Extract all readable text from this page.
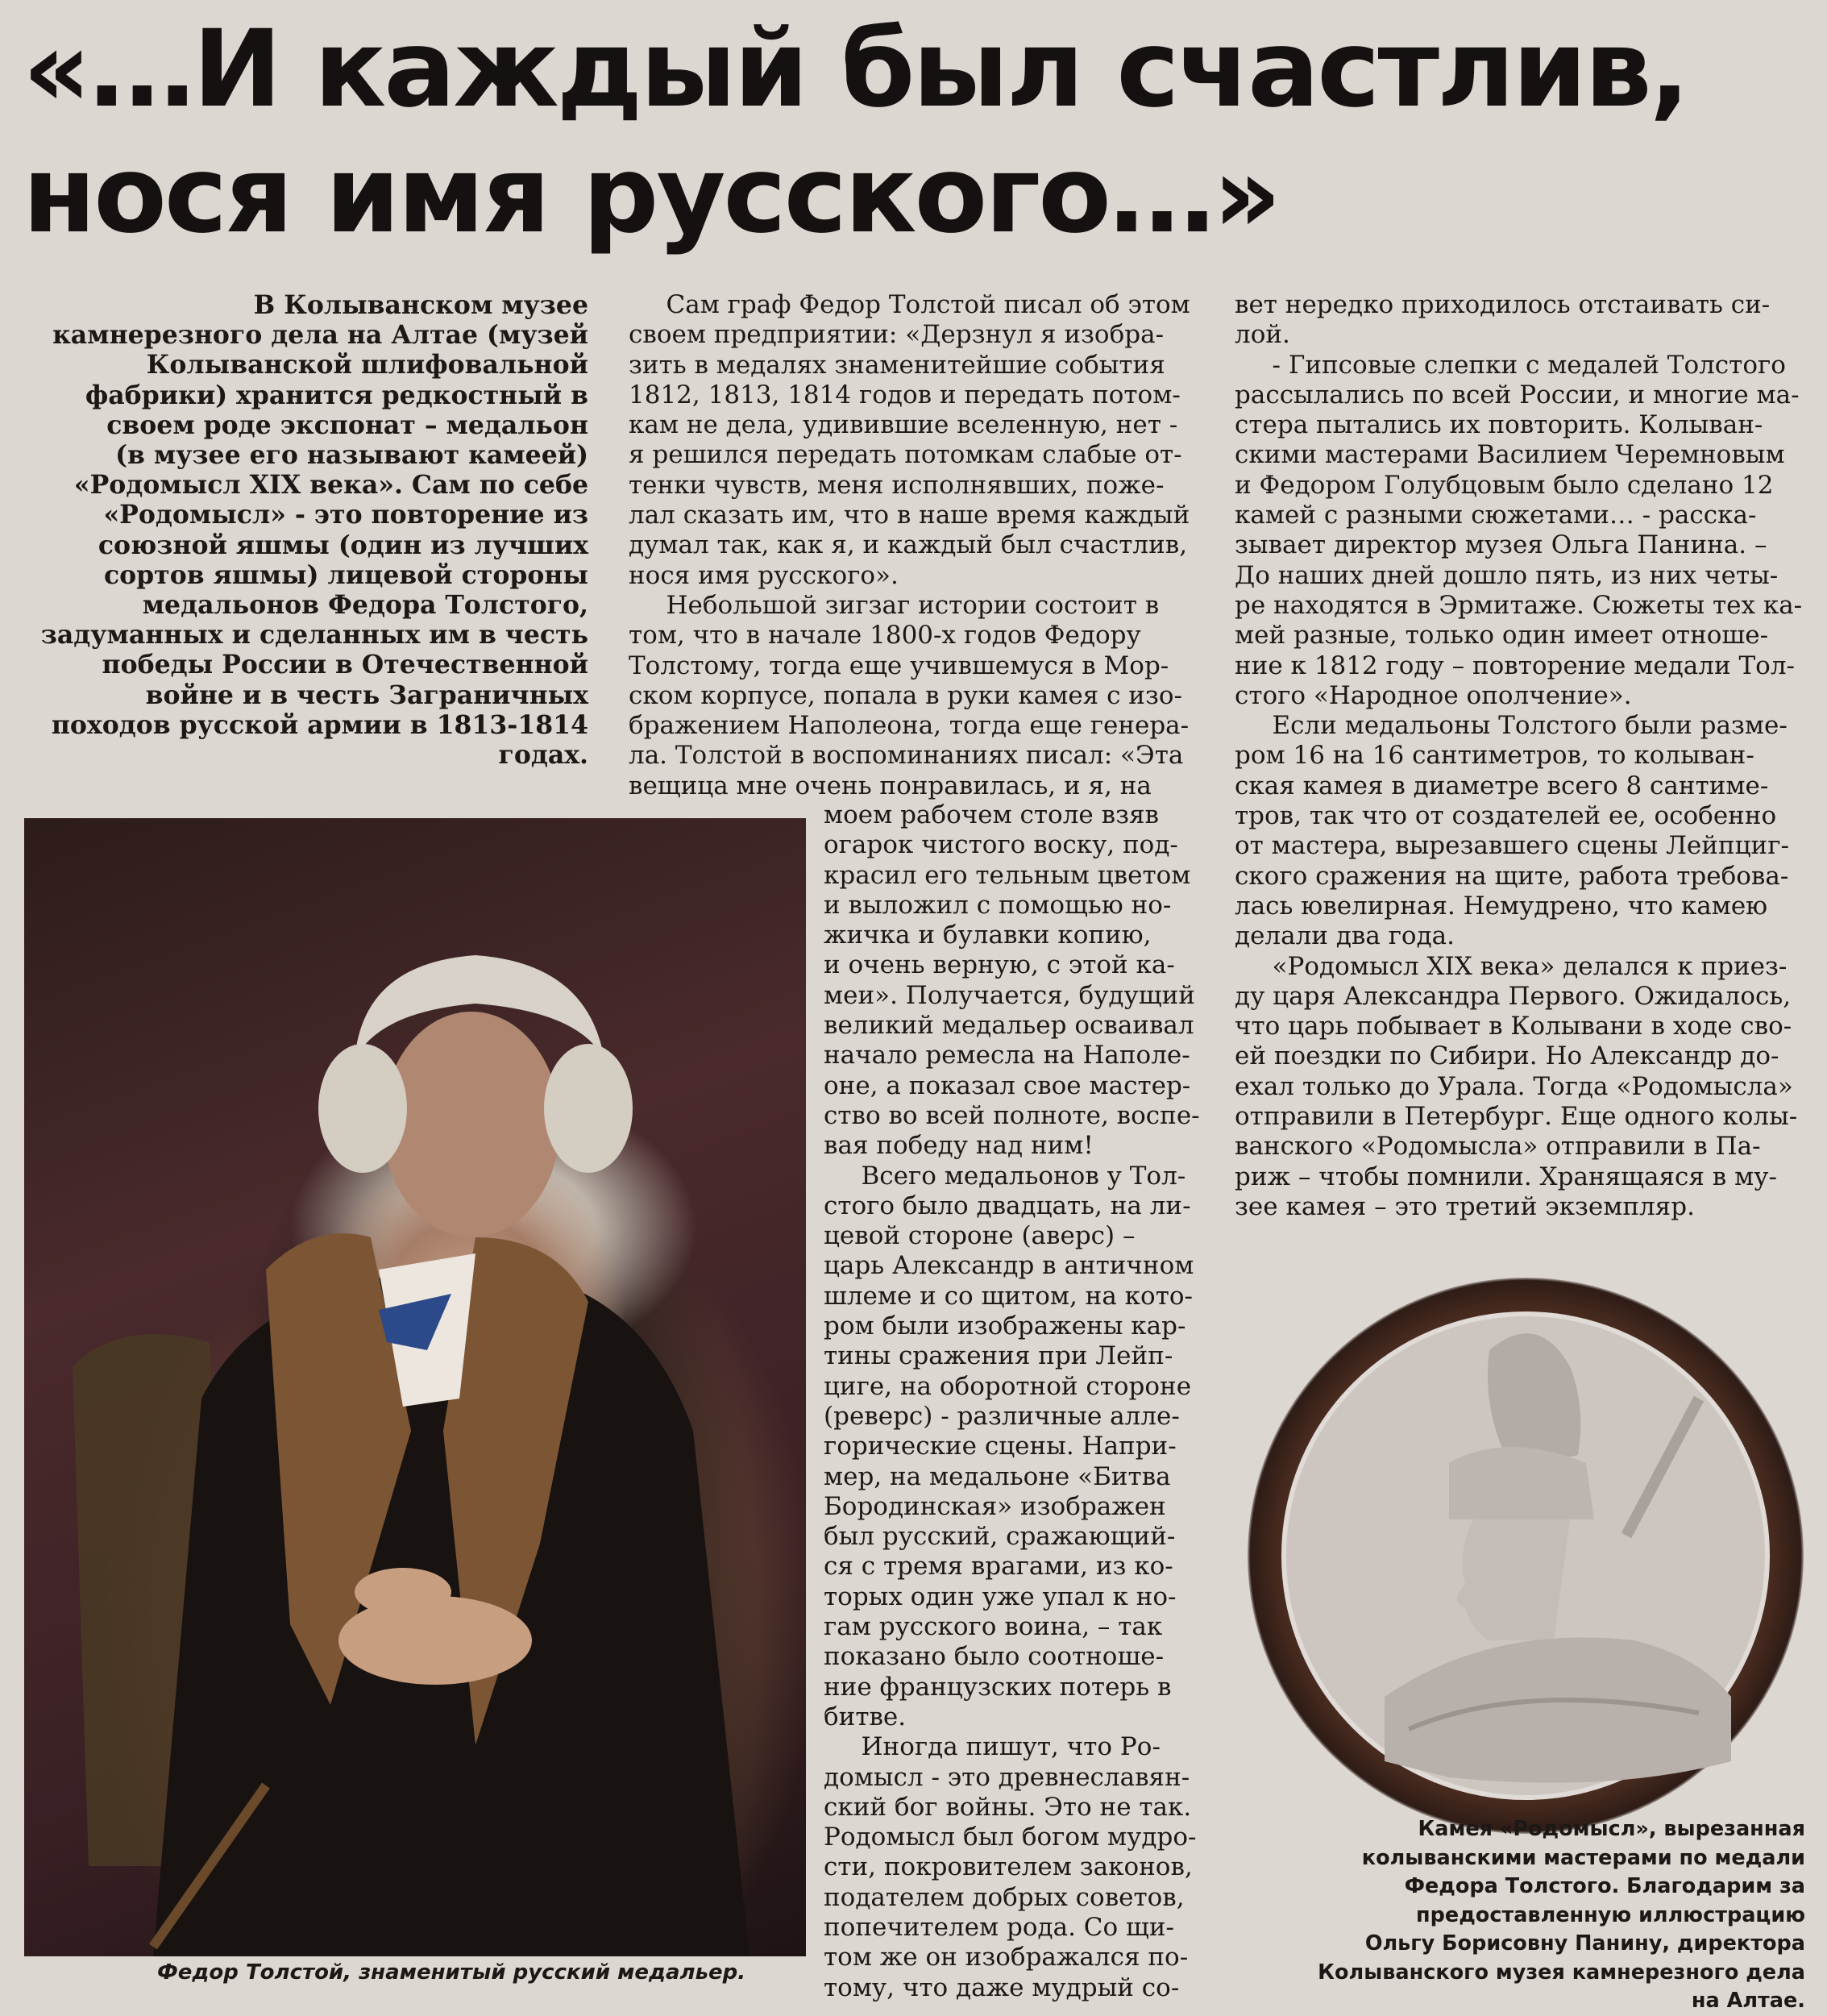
«…И каждый был счастлив,
нося имя русского…»
В Колыванском музее
камнерезного дела на Алтае (музей
Колыванской шлифовальной
фабрики) хранится редкостный в
своем роде экспонат – медальон
(в музее его называют камеей)
«Родомысл XIX века». Сам по себе
«Родомысл» - это повторение из
союзной яшмы (один из лучших
сортов яшмы) лицевой стороны
медальонов Федора Толстого,
задуманных и сделанных им в честь
победы России в Отечественной
войне и в честь Заграничных
походов русской армии в 1813-1814
годах.
  Сам граф Федор Толстой писал об этом
своем предприятии: «Дерзнул я изобра-
зить в медалях знаменитейшие события
1812, 1813, 1814 годов и передать потом-
кам не дела, удивившие вселенную, нет -
я решился передать потомкам слабые от-
тенки чувств, меня исполнявших, поже-
лал сказать им, что в наше время каждый
думал так, как я, и каждый был счастлив,
нося имя русского».
  Небольшой зигзаг истории состоит в
том, что в начале 1800-х годов Федору
Толстому, тогда еще учившемуся в Мор-
ском корпусе, попала в руки камея с изо-
бражением Наполеона, тогда еще генера-
ла. Толстой в воспоминаниях писал: «Эта
вещица мне очень понравилась, и я, на
моем рабочем столе взяв
огарок чистого воску, под-
красил его тельным цветом
и выложил с помощью но-
жичка и булавки копию,
и очень верную, с этой ка-
меи». Получается, будущий
великий медальер осваивал
начало ремесла на Наполе-
оне, а показал свое мастер-
ство во всей полноте, воспе-
вая победу над ним!
  Всего медальонов у Тол-
стого было двадцать, на ли-
цевой стороне (аверс) –
царь Александр в античном
шлеме и со щитом, на кото-
ром были изображены кар-
тины сражения при Лейп-
циге, на оборотной стороне
(реверс) - различные алле-
горические сцены. Напри-
мер, на медальоне «Битва
Бородинская» изображен
был русский, сражающий-
ся с тремя врагами, из ко-
торых один уже упал к но-
гам русского воина, – так
показано было соотноше-
ние французских потерь в
битве.
  Иногда пишут, что Ро-
домысл - это древнеславян-
ский бог войны. Это не так.
Родомысл был богом мудро-
сти, покровителем законов,
подателем добрых советов,
попечителем рода. Со щи-
том же он изображался по-
тому, что даже мудрый со-
вет нередко приходилось отстаивать си-
лой.
  - Гипсовые слепки с медалей Толстого
рассылались по всей России, и многие ма-
стера пытались их повторить. Колыван-
скими мастерами Василием Черемновым
и Федором Голубцовым было сделано 12
камей с разными сюжетами… - расска-
зывает директор музея Ольга Панина. –
До наших дней дошло пять, из них четы-
ре находятся в Эрмитаже. Сюжеты тех ка-
мей разные, только один имеет отноше-
ние к 1812 году – повторение медали Тол-
стого «Народное ополчение».
  Если медальоны Толстого были разме-
ром 16 на 16 сантиметров, то колыван-
ская камея в диаметре всего 8 сантиме-
тров, так что от создателей ее, особенно
от мастера, вырезавшего сцены Лейпциг-
ского сражения на щите, работа требова-
лась ювелирная. Немудрено, что камею
делали два года.
  «Родомысл XIX века» делался к приез-
ду царя Александра Первого. Ожидалось,
что царь побывает в Колывани в ходе сво-
ей поездки по Сибири. Но Александр до-
ехал только до Урала. Тогда «Родомысла»
отправили в Петербург. Еще одного колы-
ванского «Родомысла» отправили в Па-
риж – чтобы помнили. Хранящаяся в му-
зее камея – это третий экземпляр.
Федор Толстой, знаменитый русский медальер.
Камея «Родомысл», вырезанная
колыванскими мастерами по медали
Федора Толстого. Благодарим за
предоставленную иллюстрацию
Ольгу Борисовну Панину, директора
Колыванского музея камнерезного дела
на Алтае.
